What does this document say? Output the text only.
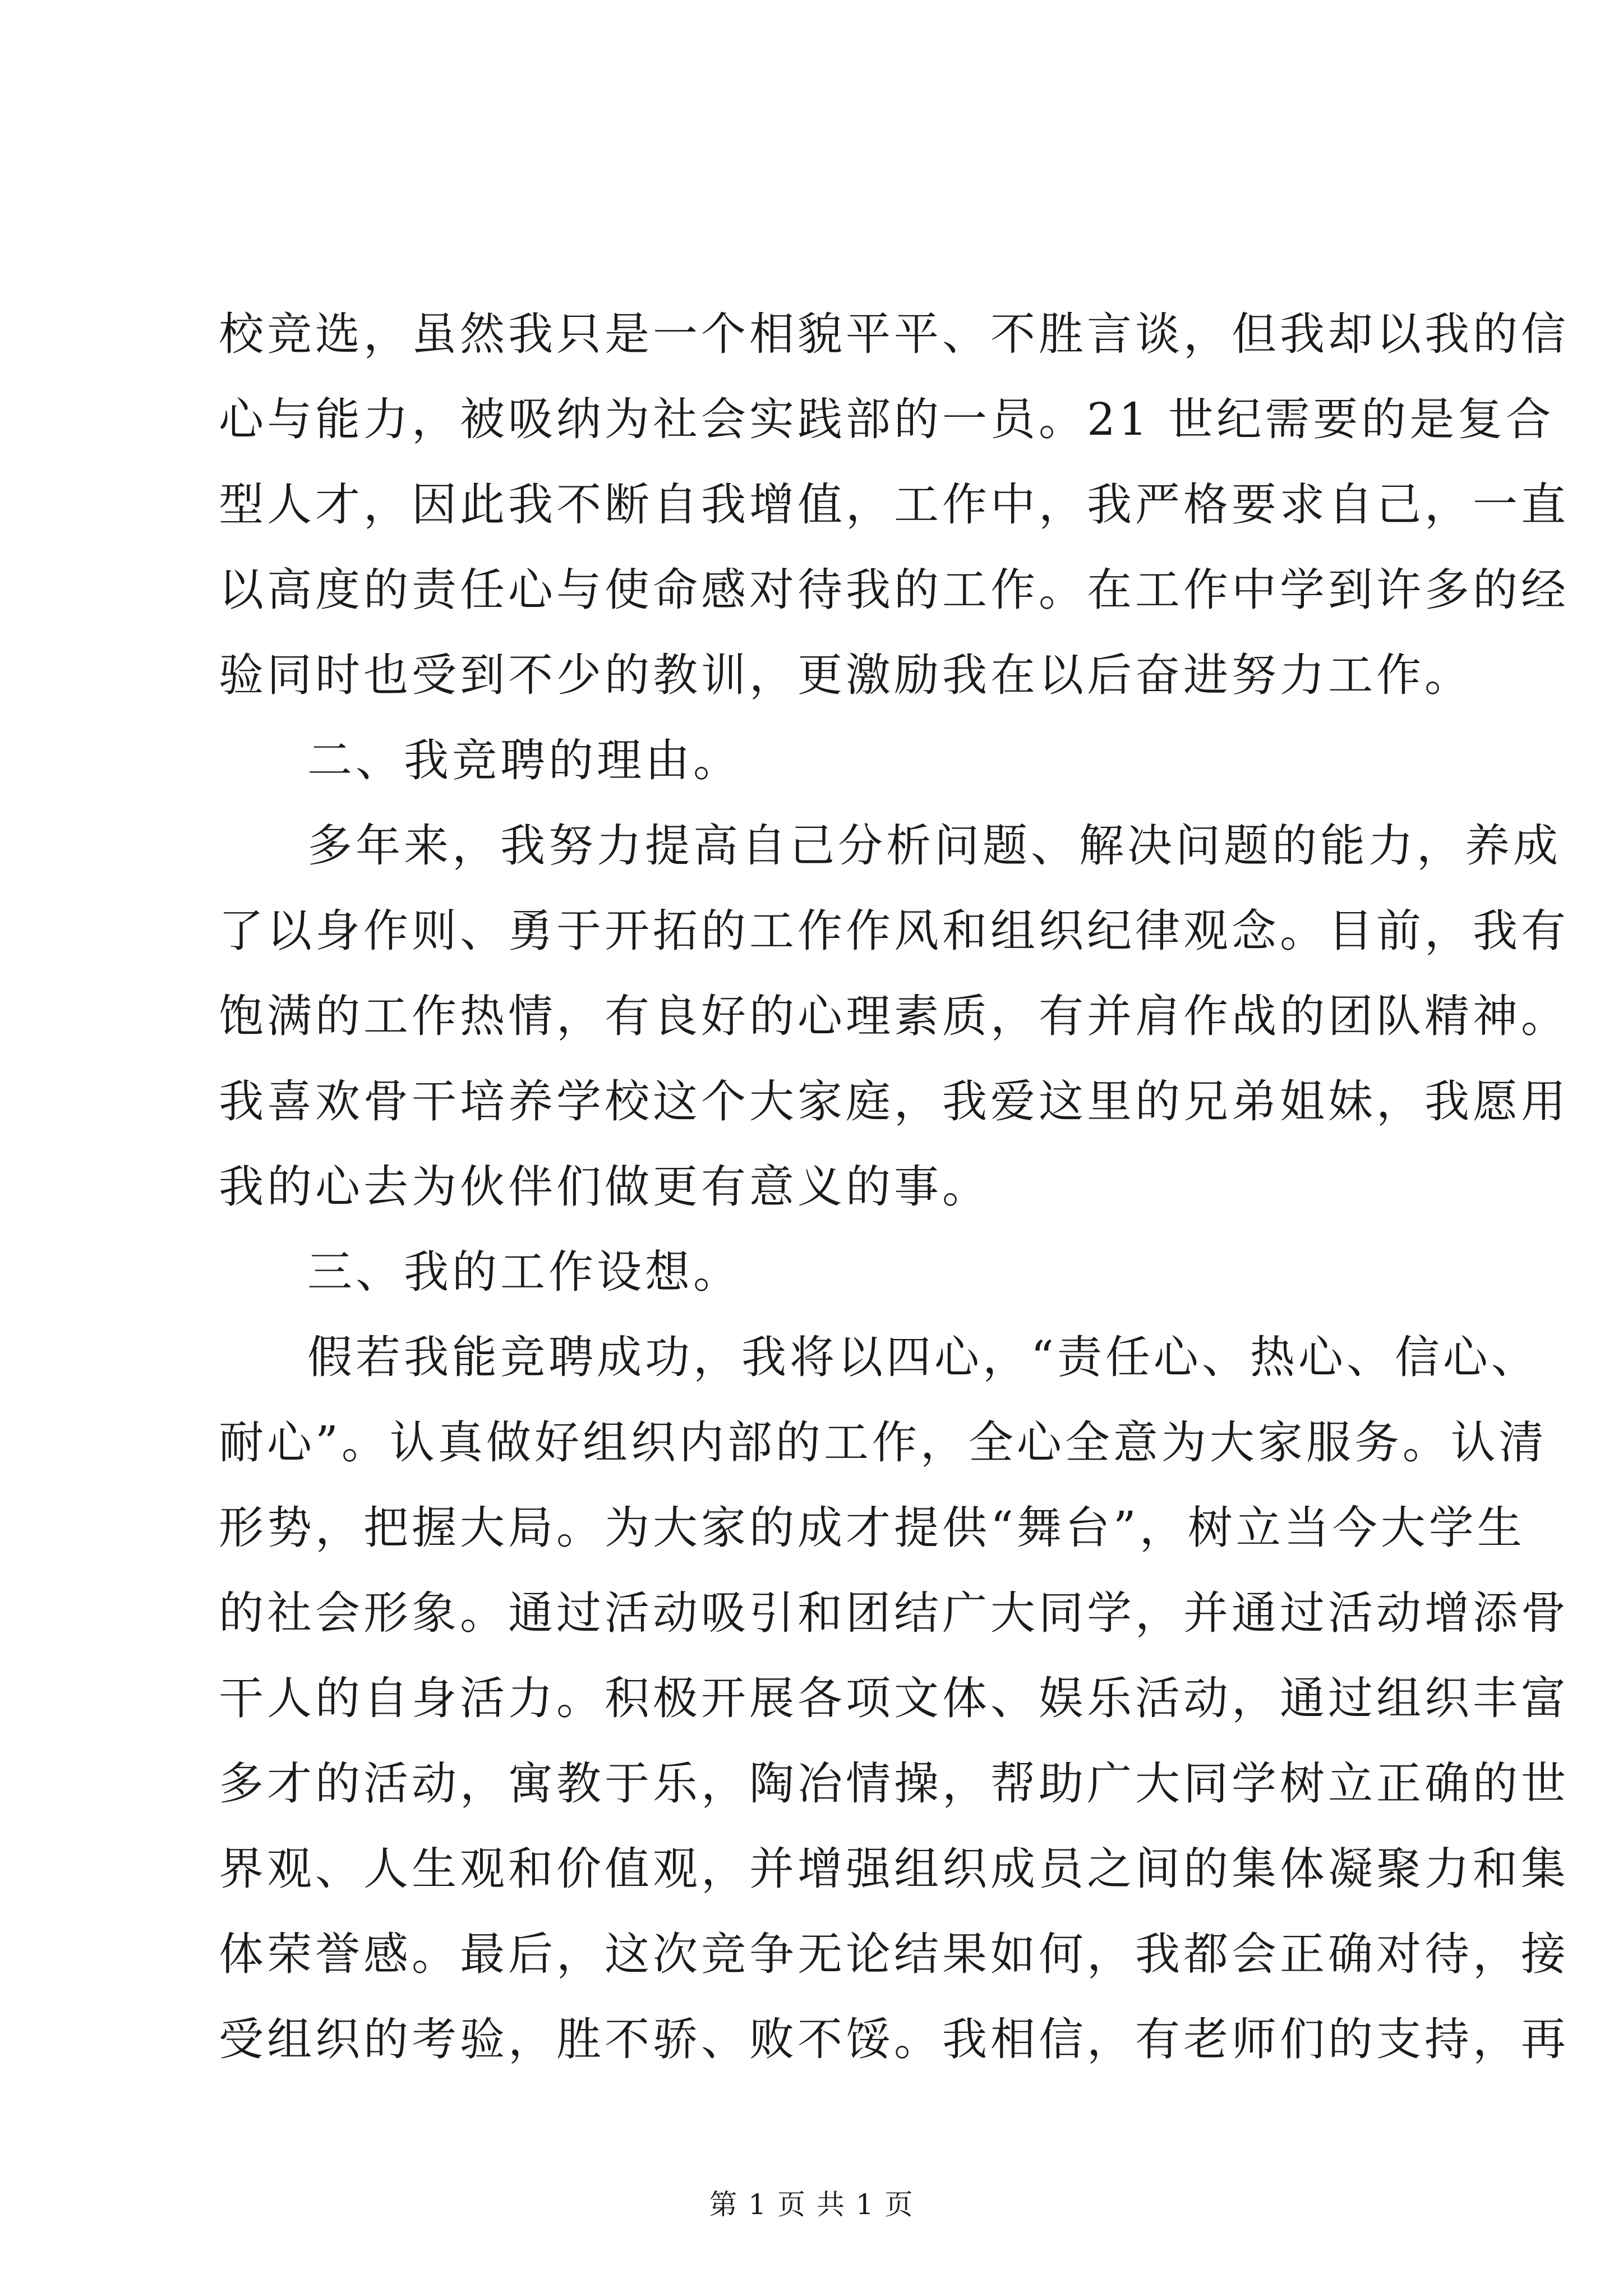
校竞选，虽然我只是一个相貌平平、不胜言谈，但我却以我的信
心与能力，被吸纳为社会实践部的一员。21 世纪需要的是复合
型人才，因此我不断自我增值，工作中，我严格要求自己，一直
以高度的责任心与使命感对待我的工作。在工作中学到许多的经
验同时也受到不少的教训，更激励我在以后奋进努力工作。
二、我竞聘的理由。
多年来，我努力提高自己分析问题、解决问题的能力，养成
了以身作则、勇于开拓的工作作风和组织纪律观念。目前，我有
饱满的工作热情，有良好的心理素质，有并肩作战的团队精神。
我喜欢骨干培养学校这个大家庭，我爱这里的兄弟姐妹，我愿用
我的心去为伙伴们做更有意义的事。
三、我的工作设想。
假若我能竞聘成功，我将以四心，“责任心、热心、信心、
耐心”。认真做好组织内部的工作，全心全意为大家服务。认清
形势，把握大局。为大家的成才提供“舞台”，树立当今大学生
的社会形象。通过活动吸引和团结广大同学，并通过活动增添骨
干人的自身活力。积极开展各项文体、娱乐活动，通过组织丰富
多才的活动，寓教于乐，陶冶情操，帮助广大同学树立正确的世
界观、人生观和价值观，并增强组织成员之间的集体凝聚力和集
体荣誉感。最后，这次竞争无论结果如何，我都会正确对待，接
受组织的考验，胜不骄、败不馁。我相信，有老师们的支持，再
第 1 页 共 1 页
